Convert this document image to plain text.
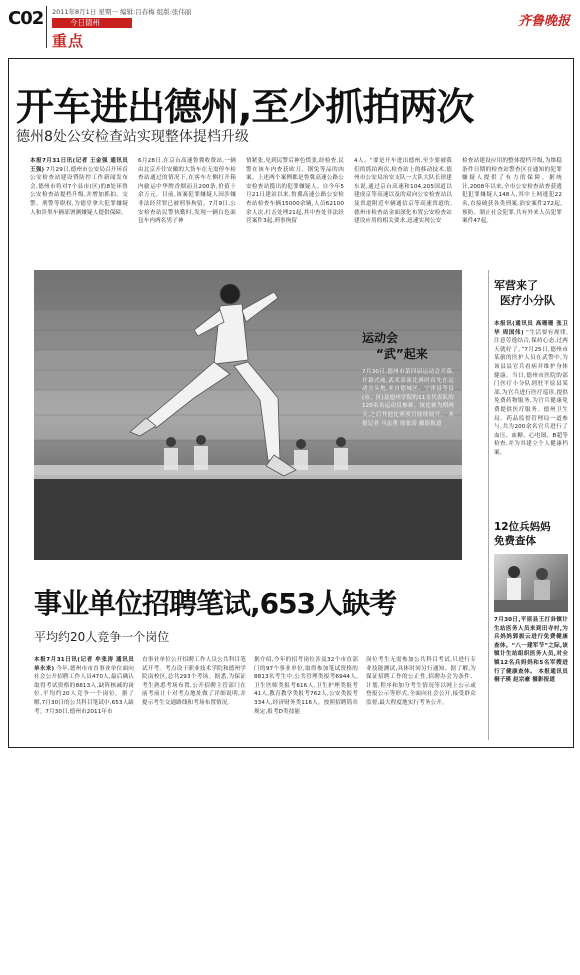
C02 2011年8月1日 星期一 编辑:吕春梅 组版:张伟丽
今日德州
重点
齐鲁晚报
开车进出德州,至少抓拍两次
德州8处公安检查站实现整体提档升级
本报7月31日讯(记者 王金强 通讯员 王强) 7月29日,德州市公安局召开环首公安检查站建设暨防控工作新闻发布会,德州市将对7个县市(区)的8处环鲁公安检查站提档升级,并增加抓拍、交警、刑警等职权,为德堂拿大犯罪嫌疑人和涉黑车辆部署测嫌疑人提供保障。
6月28日,在京台高速鲁冀收费站,一辆由北京开往安徽的大货车在无需停车检查站通过的情况下,在客车左侧打开箱内偷运中华牌香烟而且200条,价值十余万元。目前,该案犯罪嫌疑人因涉嫌非法经营罪已被刑事拘留。7月9日,公安检查站民警执勤时,发现一辆白色面包车内两名男子神
情紧张,见到民警后神色慌张,经检查,民警在该车内查获欧刀、钢兔等品的凶案。上述两个案例都是鲁冀高速公路公安检查站揽出的犯罪嫌疑人。自今年5月21日建站以来,鲁冀高速公路公安检查站检查车辆15000余辆,人员62100余人次,打击处理21起,其中查处非法经营案件3起,刑事拘留
4人。“要是开车进出德州,至少要被我们的抓拍两次,检查站上的移动技术,德州市公安局治安支队一大队大队长徐建东说,通过京台高速和104,205国道以建成京等高速以及的双向公安检查站以及省道附近车辆通信京等高速省道的,德州市检查站金面深化布置公安检查站建设应用的相关要求,迅速实现公安
检查站建设应用的整体提档升级,为维稳条件日期的检查站警查区在通知的犯罪嫌疑人提供了有力的保障。据统计,2008年以来,全市公安检查站查获逃犯犯罪嫌疑人148人,其中上网逃犯22名,直接破获各类刑案,治安案件272起,预防、制止社会犯罪,共有外来人员犯罪案件47起。
运动会
“武”起来
7月30日,德州市第四届运动会开幕,开幕式前,武术表演比赛时首先在运动会头炮,来自德城区、宁津县等县(市、区)及德州学院的11支代表队的120名名运动员参赛。该比赛为期两天,之后其他比赛项目陆续展开。 本报记者 马志勇 徐张涛 摄影报道
军营来了
医疗小分队
本报讯(通讯员 高珊珊 张卫华 周国伟) “生活要有规律,注意劳逸结合,保持心态,过两天就好了。”7月25日,德州市某旅的医护人员在武警中,为该县县官兵看病并维护身体健康。当日,德州市医院的部门医疗小分队到驻平原县某部,为官兵进行医疗巡诊,提供免费药物服务,为官兵健康免费提供医疗服务。德州卫生局、药品监督管理局一道参与,共为200余名官兵进行了血压、血糖、心电图、B超等检查,并为其建立个人健康档案。
12位兵妈妈
免费查体
7月30日,平原县王打卦镇计生站医务人员来到田寺村,为兵妈妈郭振云进行免费健康查体。“八一建军节”之际,该镇计生站组织医务人员,对全镇12名兵妈妈和5名军嫂进行了健康查体。 本报通讯员 桐子瑛 赵宗豪 摄影报道
事业单位招聘笔试,653人缺考
平均约20人竞争一个岗位
本报7月31日讯(记者 牟张涛 通讯员 单永来) 今年,德州市市直事业单位面向社会公开招聘工作人员470人,最后确认取得考试资格的8813人,缺阵核减的岗位,平均约20人竞争一个岗位。据了解,7月30日的公共科目笔试中,653人缺考。7月30日,德州市2011年市
直事业单位公开招聘工作人员公共科目笔试开考。考点设于职业技术学院和德州学院南校区,总共293个考场。据悉,为保证考生熟悉考场布置,公开招聘主管部门在前考前让十对考点地址做了详细说明,并提示考生交通路线和考场布置情况。
据介绍,今年的招考岗位涉及32个市直部门的97个事业单位,取得参加笔试资格的8813名考生中,公共管理类报考6944人,卫生医师类报考616人,卫生护理类报考41人,教育教学类报考762人,公安类报考334人,经济财务类116人。按照招聘简章规定,报考D类技能
岗位考生无需参加公共科目考试,只进行专业技能测试,具体时间另行通知。据了解,为保证招聘工作的公正性,招聘办会为条件、计划,程序和加分考生情况等以网上公示或登报公示等形式,全面向社会公开,接受群众监督,最大程度地实行考务公开。
